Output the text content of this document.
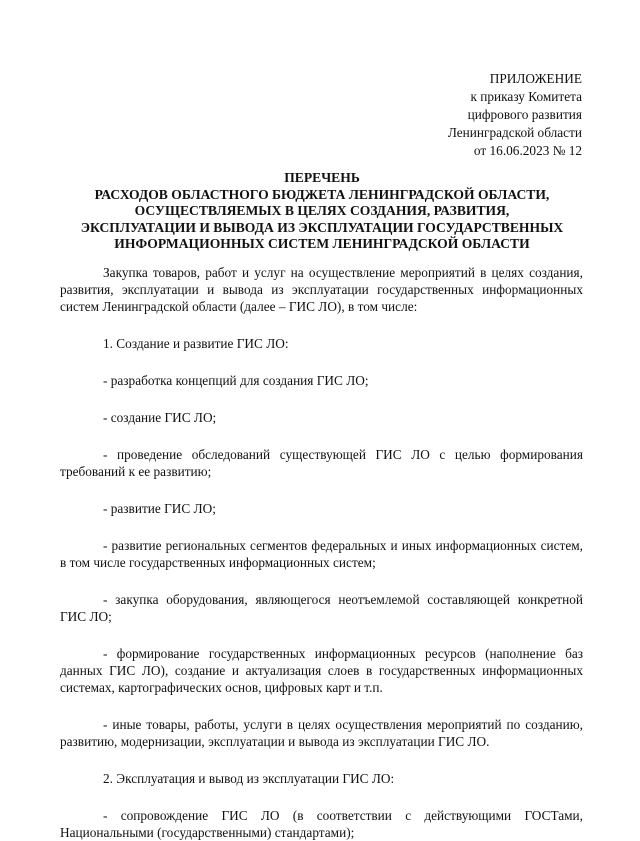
ПРИЛОЖЕНИЕ
к приказу Комитета
цифрового развития
Ленинградской области
от 16.06.2023 № 12
ПЕРЕЧЕНЬ
РАСХОДОВ ОБЛАСТНОГО БЮДЖЕТА ЛЕНИНГРАДСКОЙ ОБЛАСТИ,
ОСУЩЕСТВЛЯЕМЫХ В ЦЕЛЯХ СОЗДАНИЯ, РАЗВИТИЯ,
ЭКСПЛУАТАЦИИ И ВЫВОДА ИЗ ЭКСПЛУАТАЦИИ ГОСУДАРСТВЕННЫХ
ИНФОРМАЦИОННЫХ СИСТЕМ ЛЕНИНГРАДСКОЙ ОБЛАСТИ

Закупка товаров, работ и услуг на осуществление мероприятий в целях создания, развития, эксплуатации и вывода из эксплуатации государственных информационных систем Ленинградской области (далее – ГИС ЛО), в том числе:

1. Создание и развитие ГИС ЛО:

- разработка концепций для создания ГИС ЛО;

- создание ГИС ЛО;

- проведение обследований существующей ГИС ЛО с целью формирования требований к ее развитию;

- развитие ГИС ЛО;

- развитие региональных сегментов федеральных и иных информационных систем, в том числе государственных информационных систем;

- закупка оборудования, являющегося неотъемлемой составляющей конкретной ГИС ЛО;

- формирование государственных информационных ресурсов (наполнение баз данных ГИС ЛО), создание и актуализация слоев в государственных информационных системах, картографических основ, цифровых карт и т.п.

- иные товары, работы, услуги в целях осуществления мероприятий по созданию, развитию, модернизации, эксплуатации и вывода из эксплуатации ГИС ЛО.

2. Эксплуатация и вывод из эксплуатации ГИС ЛО:

- сопровождение ГИС ЛО (в соответствии с действующими ГОСТами, Национальными (государственными) стандартами);
